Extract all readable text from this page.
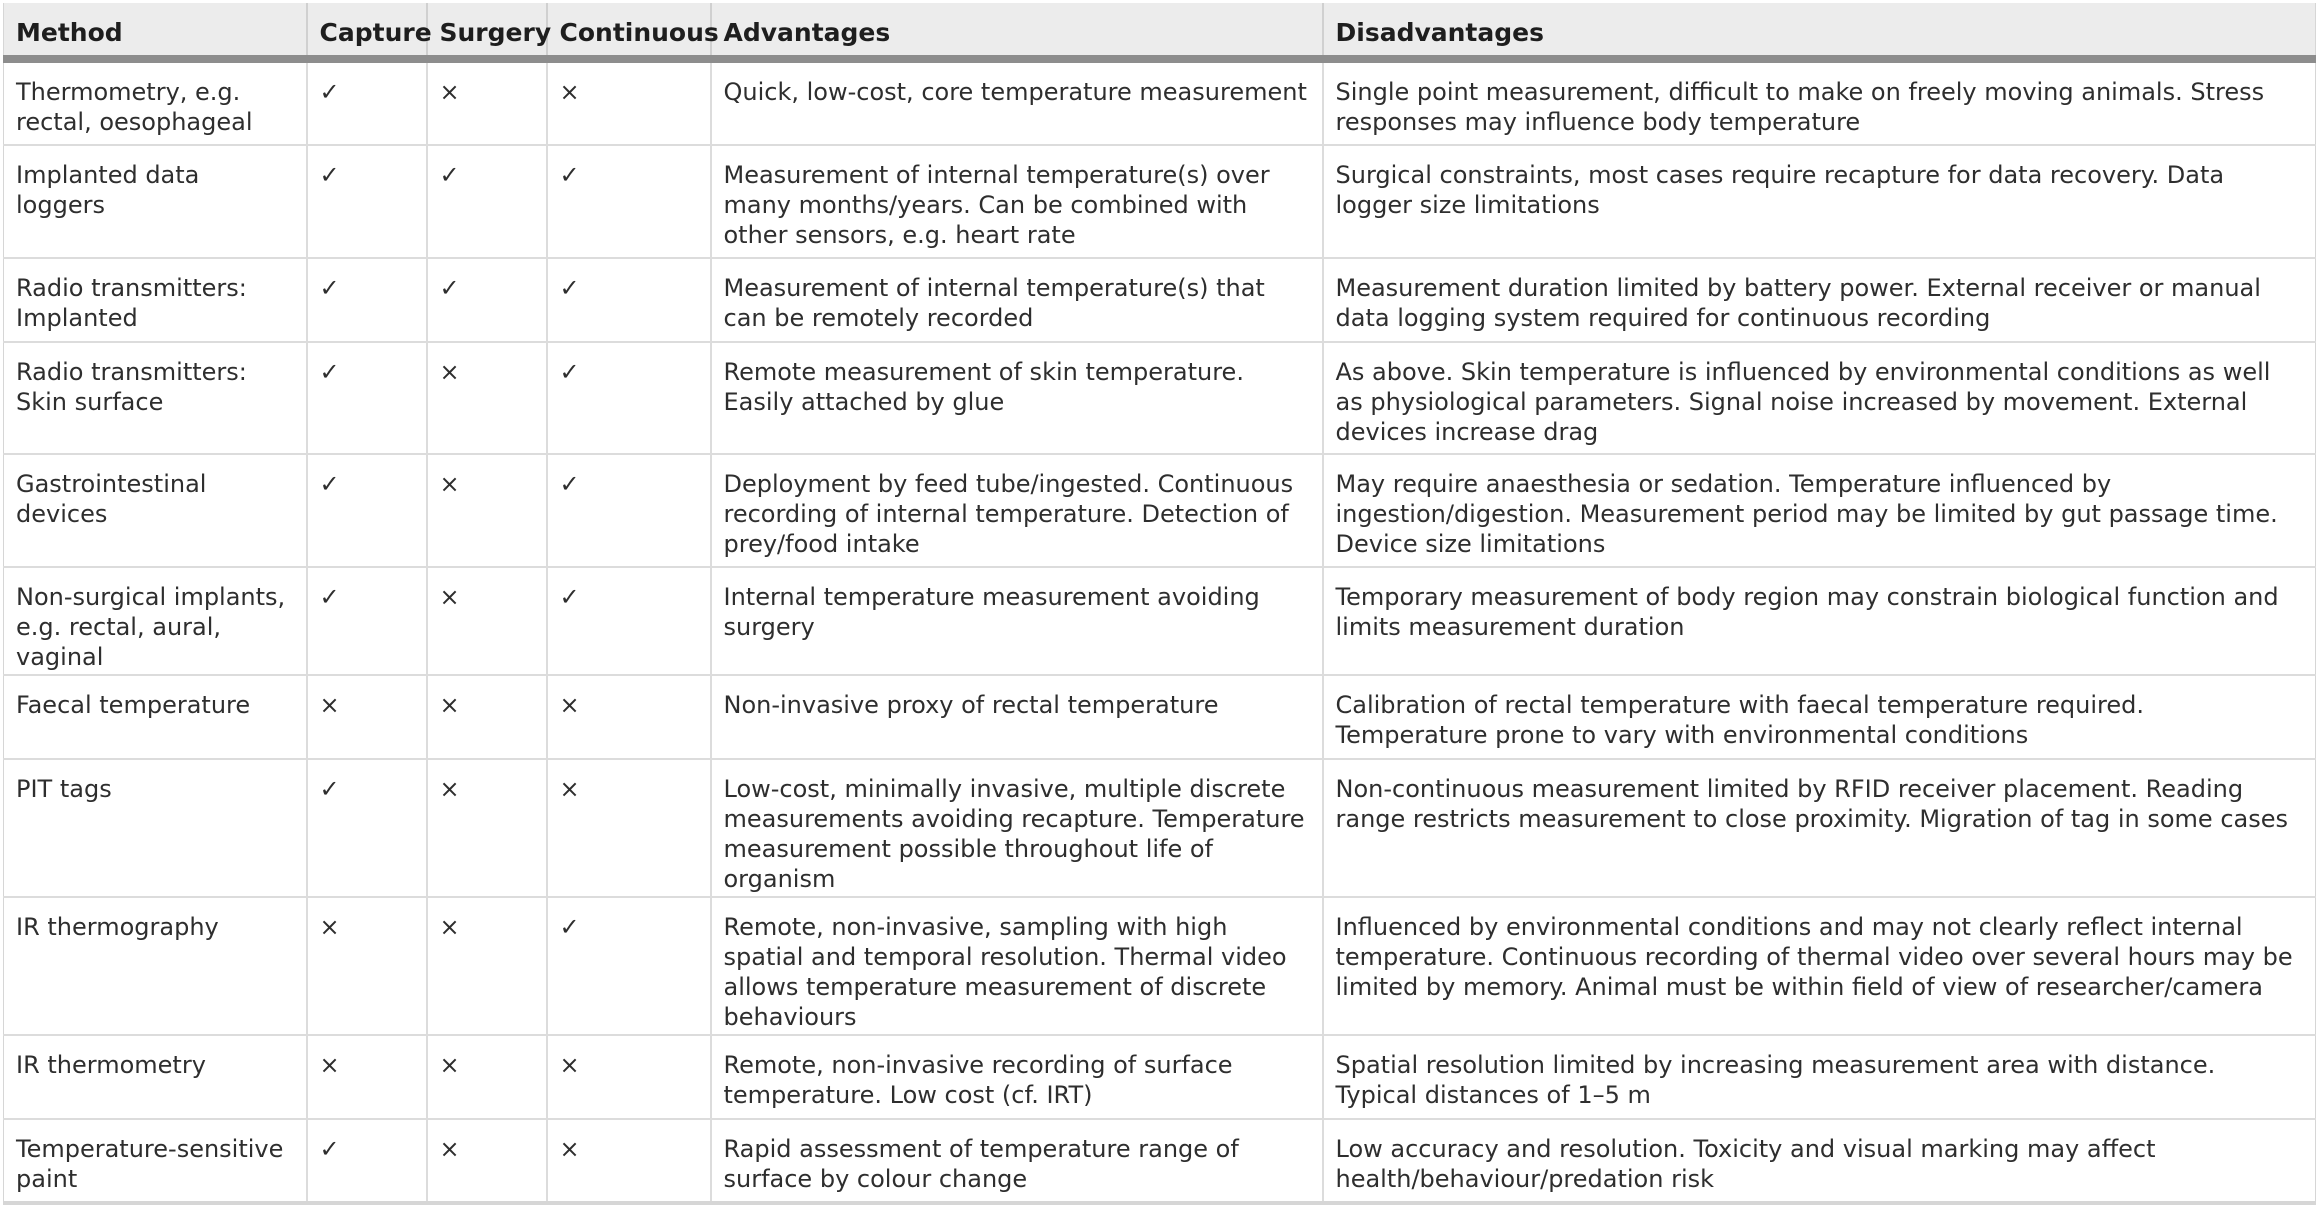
Method	Capture	Surgery	Continuous	Advantages	Disadvantages
Thermometry, e.g. rectal, oesophageal	✓	×	×	Quick, low-cost, core temperature measurement	Single point measurement, difficult to make on freely moving animals. Stress responses may influence body temperature
Implanted data loggers	✓	✓	✓	Measurement of internal temperature(s) over many months/years. Can be combined with other sensors, e.g. heart rate	Surgical constraints, most cases require recapture for data recovery. Data logger size limitations
Radio transmitters: Implanted	✓	✓	✓	Measurement of internal temperature(s) that can be remotely recorded	Measurement duration limited by battery power. External receiver or manual data logging system required for continuous recording
Radio transmitters: Skin surface	✓	×	✓	Remote measurement of skin temperature. Easily attached by glue	As above. Skin temperature is influenced by environmental conditions as well as physiological parameters. Signal noise increased by movement. External devices increase drag
Gastrointestinal devices	✓	×	✓	Deployment by feed tube/ingested. Continuous recording of internal temperature. Detection of prey/food intake	May require anaesthesia or sedation. Temperature influenced by ingestion/digestion. Measurement period may be limited by gut passage time. Device size limitations
Non-surgical implants, e.g. rectal, aural, vaginal	✓	×	✓	Internal temperature measurement avoiding surgery	Temporary measurement of body region may constrain biological function and limits measurement duration
Faecal temperature	×	×	×	Non-invasive proxy of rectal temperature	Calibration of rectal temperature with faecal temperature required. Temperature prone to vary with environmental conditions
PIT tags	✓	×	×	Low-cost, minimally invasive, multiple discrete measurements avoiding recapture. Temperature measurement possible throughout life of organism	Non-continuous measurement limited by RFID receiver placement. Reading range restricts measurement to close proximity. Migration of tag in some cases
IR thermography	×	×	✓	Remote, non-invasive, sampling with high spatial and temporal resolution. Thermal video allows temperature measurement of discrete behaviours	Influenced by environmental conditions and may not clearly reflect internal temperature. Continuous recording of thermal video over several hours may be limited by memory. Animal must be within field of view of researcher/camera
IR thermometry	×	×	×	Remote, non-invasive recording of surface temperature. Low cost (cf. IRT)	Spatial resolution limited by increasing measurement area with distance. Typical distances of 1–5 m
Temperature-sensitive paint	✓	×	×	Rapid assessment of temperature range of surface by colour change	Low accuracy and resolution. Toxicity and visual marking may affect health/behaviour/predation risk
